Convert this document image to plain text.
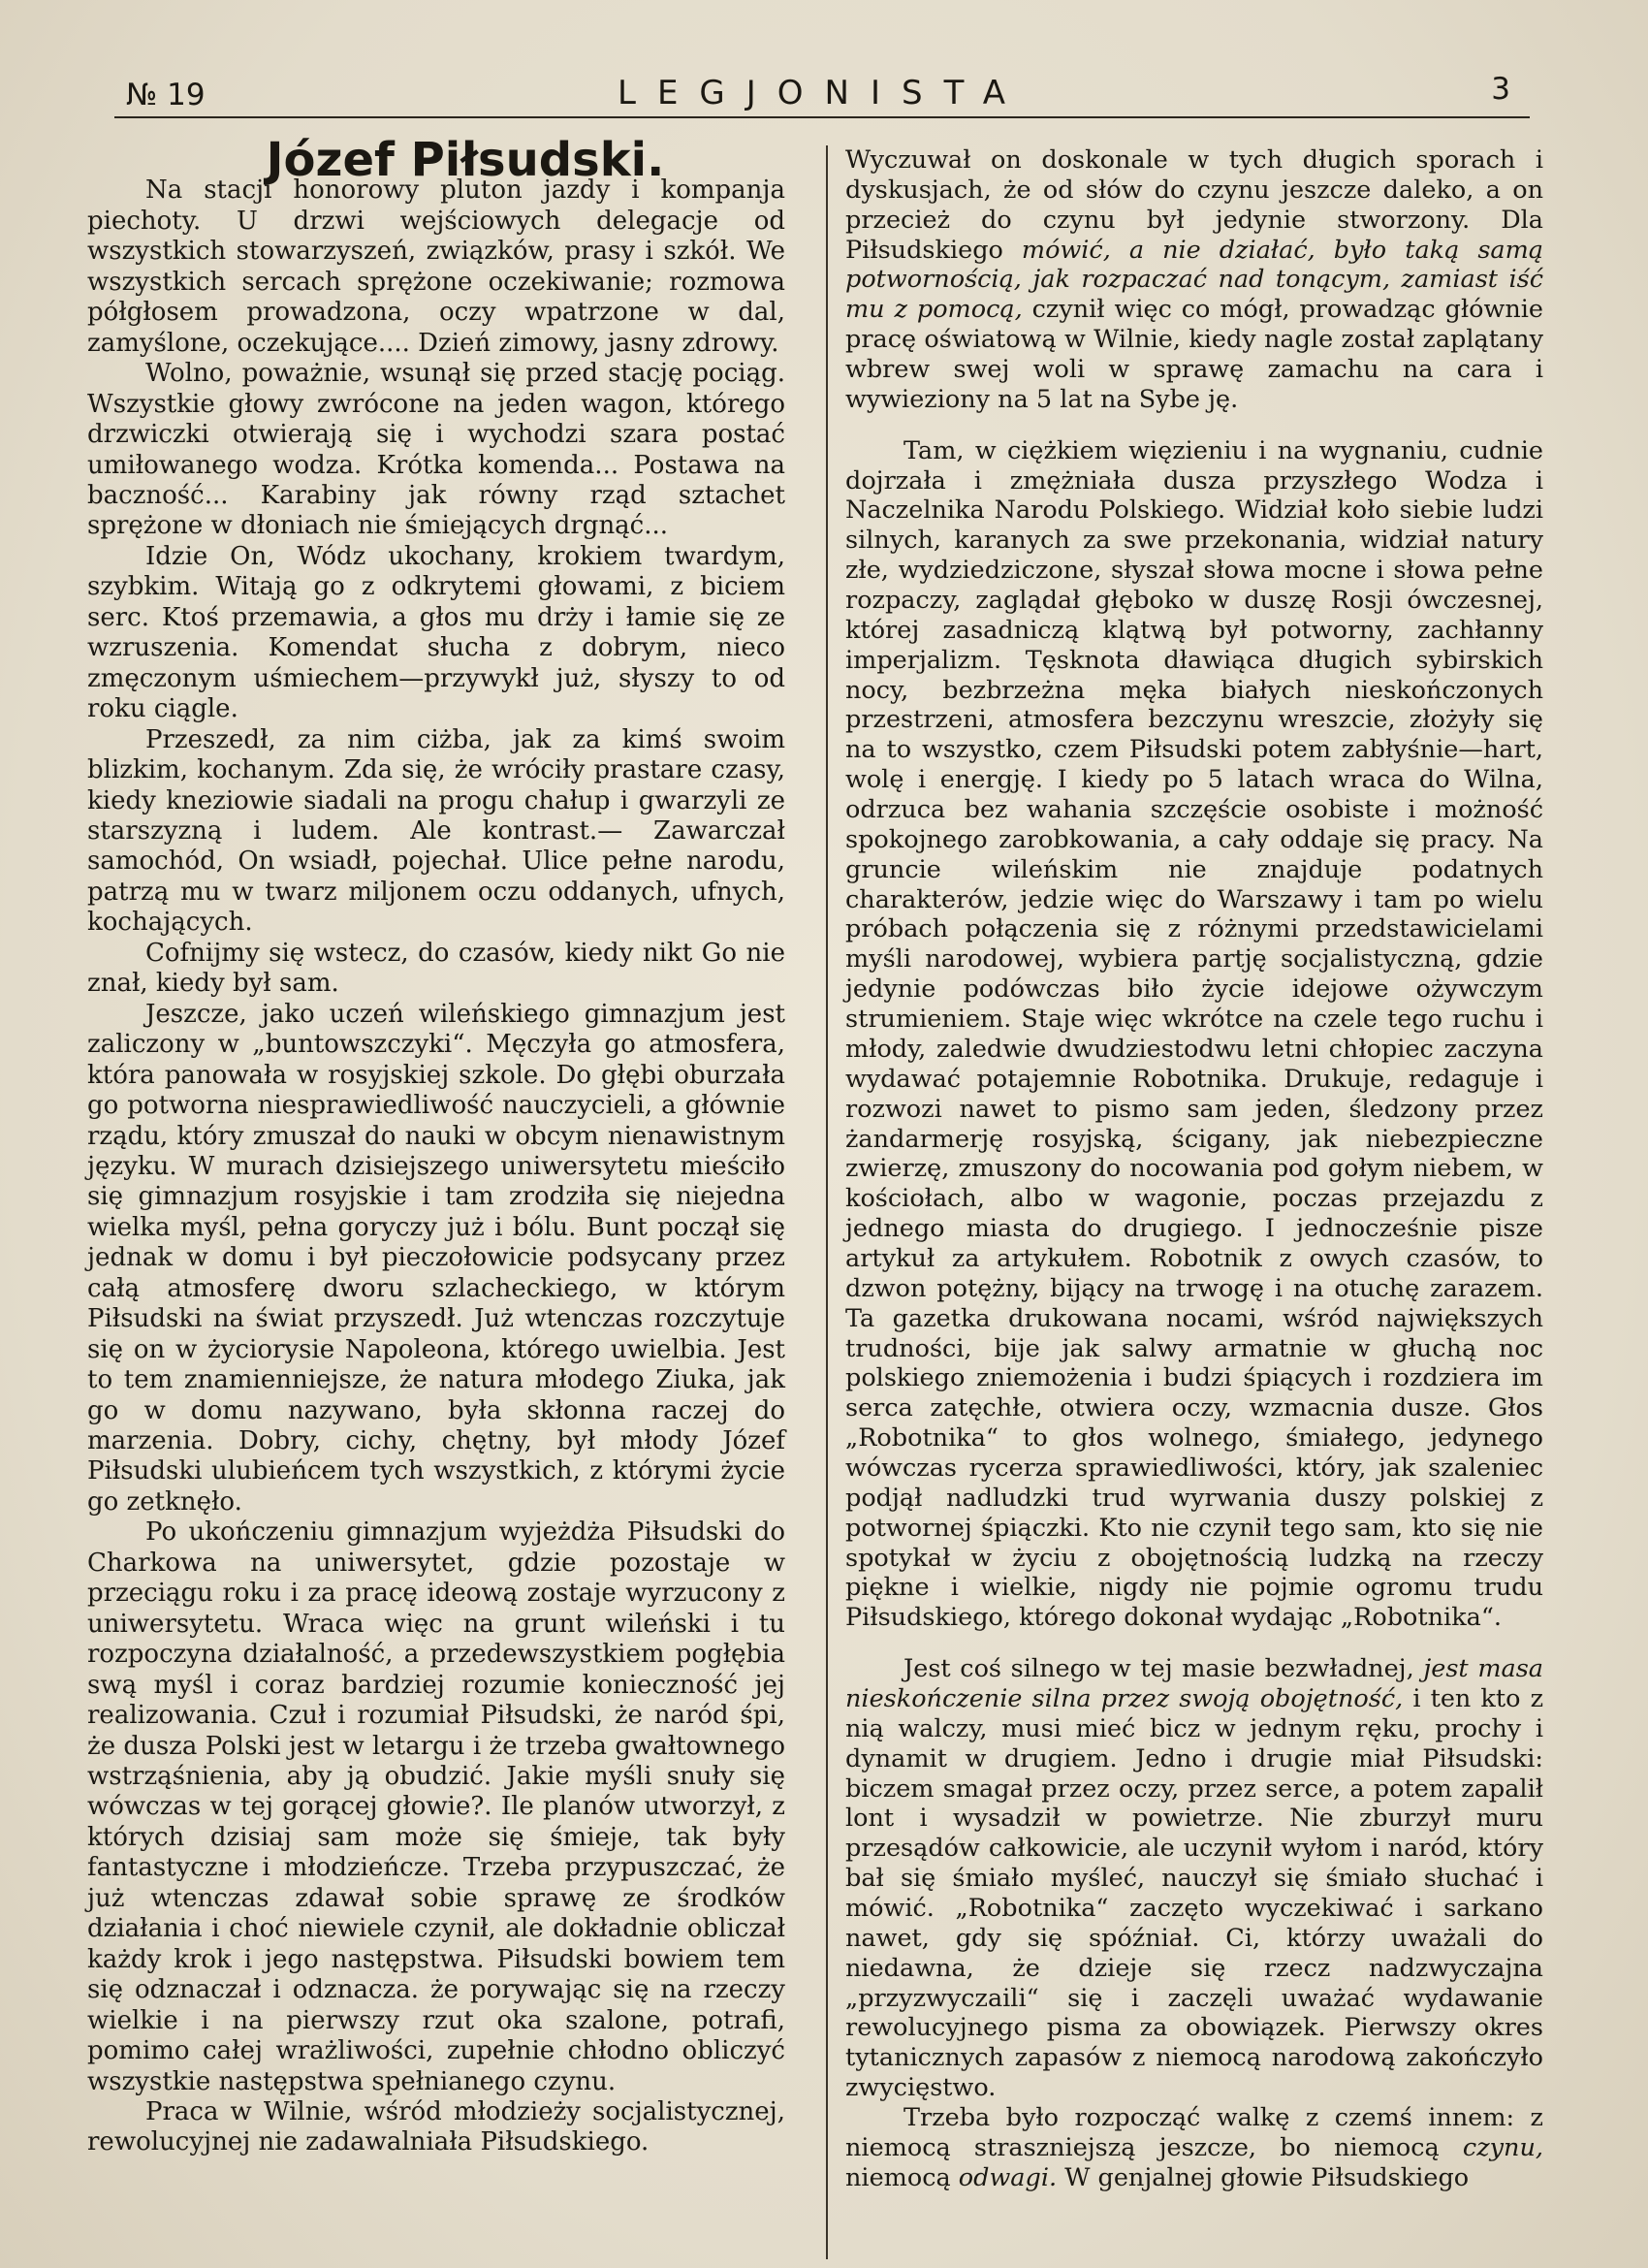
№ 19	LEGJONISTA	3

Józef Piłsudski.

Na stacji honorowy pluton jazdy i kompanja piechoty. U drzwi wejściowych delegacje od wszystkich stowarzyszeń, związków, prasy i szkół. We wszystkich sercach sprężone oczekiwanie; rozmowa półgłosem prowadzona, oczy wpatrzone w dal, zamyślone, oczekujące.... Dzień zimowy, jasny zdrowy.

Wolno, poważnie, wsunął się przed stację pociąg. Wszystkie głowy zwrócone na jeden wagon, którego drzwiczki otwierają się i wychodzi szara postać umiłowanego wodza. Krótka komenda... Postawa na baczność... Karabiny jak równy rząd sztachet sprężone w dłoniach nie śmiejących drgnąć...

Idzie On, Wódz ukochany, krokiem twardym, szybkim. Witają go z odkrytemi głowami, z biciem serc. Ktoś przemawia, a głos mu drży i łamie się ze wzruszenia. Komendat słucha z dobrym, nieco zmęczonym uśmiechem—przywykł już, słyszy to od roku ciągle.

Przeszedł, za nim ciżba, jak za kimś swoim blizkim, kochanym. Zda się, że wróciły prastare czasy, kiedy kneziowie siadali na progu chałup i gwarzyli ze starszyzną i ludem. Ale kontrast.— Zawarczał samochód, On wsiadł, pojechał. Ulice pełne narodu, patrzą mu w twarz miljonem oczu oddanych, ufnych, kochających.

Cofnijmy się wstecz, do czasów, kiedy nikt Go nie znał, kiedy był sam.

Jeszcze, jako uczeń wileńskiego gimnazjum jest zaliczony w „buntowszczyki“. Męczyła go atmosfera, która panowała w rosyjskiej szkole. Do głębi oburzała go potworna niesprawiedliwość nauczycieli, a głównie rządu, który zmuszał do nauki w obcym nienawistnym języku. W murach dzisiejszego uniwersytetu mieściło się gimnazjum rosyjskie i tam zrodziła się niejedna wielka myśl, pełna goryczy już i bólu. Bunt począł się jednak w domu i był pieczołowicie podsycany przez całą atmosferę dworu szlacheckiego, w którym Piłsudski na świat przyszedł. Już wtenczas rozczytuje się on w życiorysie Napoleona, którego uwielbia. Jest to tem znamienniejsze, że natura młodego Ziuka, jak go w domu nazywano, była skłonna raczej do marzenia. Dobry, cichy, chętny, był młody Józef Piłsudski ulubieńcem tych wszystkich, z którymi życie go zetknęło.

Po ukończeniu gimnazjum wyjeżdża Piłsudski do Charkowa na uniwersytet, gdzie pozostaje w przeciągu roku i za pracę ideową zostaje wyrzucony z uniwersytetu. Wraca więc na grunt wileński i tu rozpoczyna działalność, a przedewszystkiem pogłębia swą myśl i coraz bardziej rozumie konieczność jej realizowania. Czuł i rozumiał Piłsudski, że naród śpi, że dusza Polski jest w letargu i że trzeba gwałtownego wstrząśnienia, aby ją obudzić. Jakie myśli snuły się wówczas w tej gorącej głowie?. Ile planów utworzył, z których dzisiaj sam może się śmieje, tak były fantastyczne i młodzieńcze. Trzeba przypuszczać, że już wtenczas zdawał sobie sprawę ze środków działania i choć niewiele czynił, ale dokładnie obliczał każdy krok i jego następstwa. Piłsudski bowiem tem się odznaczał i odznacza. że porywając się na rzeczy wielkie i na pierwszy rzut oka szalone, potrafi, pomimo całej wrażliwości, zupełnie chłodno obliczyć wszystkie następstwa spełnianego czynu.

Praca w Wilnie, wśród młodzieży socjalistycznej, rewolucyjnej nie zadawalniała Piłsudskiego.

Wyczuwał on doskonale w tych długich sporach i dyskusjach, że od słów do czynu jeszcze daleko, a on przecież do czynu był jedynie stworzony. Dla Piłsudskiego mówić, a nie działać, było taką samą potwornością, jak rozpaczać nad tonącym, zamiast iść mu z pomocą, czynił więc co mógł, prowadząc głównie pracę oświatową w Wilnie, kiedy nagle został zaplątany wbrew swej woli w sprawę zamachu na cara i wywieziony na 5 lat na Sybe ję.

Tam, w ciężkiem więzieniu i na wygnaniu, cudnie dojrzała i zmężniała dusza przyszłego Wodza i Naczelnika Narodu Polskiego. Widział koło siebie ludzi silnych, karanych za swe przekonania, widział natury złe, wydziedziczone, słyszał słowa mocne i słowa pełne rozpaczy, zaglądał głęboko w duszę Rosji ówczesnej, której zasadniczą klątwą był potworny, zachłanny imperjalizm. Tęsknota dławiąca długich sybirskich nocy, bezbrzeżna męka białych nieskończonych przestrzeni, atmosfera bezczynu wreszcie, złożyły się na to wszystko, czem Piłsudski potem zabłyśnie—hart, wolę i energję. I kiedy po 5 latach wraca do Wilna, odrzuca bez wahania szczęście osobiste i możność spokojnego zarobkowania, a cały oddaje się pracy. Na gruncie wileńskim nie znajduje podatnych charakterów, jedzie więc do Warszawy i tam po wielu próbach połączenia się z różnymi przedstawicielami myśli narodowej, wybiera partję socjalistyczną, gdzie jedynie podówczas biło życie idejowe ożywczym strumieniem. Staje więc wkrótce na czele tego ruchu i młody, zaledwie dwudziestodwu letni chłopiec zaczyna wydawać potajemnie Robotnika. Drukuje, redaguje i rozwozi nawet to pismo sam jeden, śledzony przez żandarmerję rosyjską, ścigany, jak niebezpieczne zwierzę, zmuszony do nocowania pod gołym niebem, w kościołach, albo w wagonie, poczas przejazdu z jednego miasta do drugiego. I jednocześnie pisze artykuł za artykułem. Robotnik z owych czasów, to dzwon potężny, bijący na trwogę i na otuchę zarazem. Ta gazetka drukowana nocami, wśród największych trudności, bije jak salwy armatnie w głuchą noc polskiego zniemożenia i budzi śpiących i rozdziera im serca zatęchłe, otwiera oczy, wzmacnia dusze. Głos „Robotnika“ to głos wolnego, śmiałego, jedynego wówczas rycerza sprawiedliwości, który, jak szaleniec podjął nadludzki trud wyrwania duszy polskiej z potwornej śpiączki. Kto nie czynił tego sam, kto się nie spotykał w życiu z obojętnością ludzką na rzeczy piękne i wielkie, nigdy nie pojmie ogromu trudu Piłsudskiego, którego dokonał wydając „Robotnika“.

Jest coś silnego w tej masie bezwładnej, jest masa nieskończenie silna przez swoją obojętność, i ten kto z nią walczy, musi mieć bicz w jednym ręku, prochy i dynamit w drugiem. Jedno i drugie miał Piłsudski: biczem smagał przez oczy, przez serce, a potem zapalił lont i wysadził w powietrze. Nie zburzył muru przesądów całkowicie, ale uczynił wyłom i naród, który bał się śmiało myśleć, nauczył się śmiało słuchać i mówić. „Robotnika“ zaczęto wyczekiwać i sarkano nawet, gdy się spóźniał. Ci, którzy uważali do niedawna, że dzieje się rzecz nadzwyczajna „przyzwyczaili“ się i zaczęli uważać wydawanie rewolucyjnego pisma za obowiązek. Pierwszy okres tytanicznych zapasów z niemocą narodową zakończyło zwycięstwo.

Trzeba było rozpocząć walkę z czemś innem: z niemocą straszniejszą jeszcze, bo niemocą czynu, niemocą odwagi. W genjalnej głowie Piłsudskiego
